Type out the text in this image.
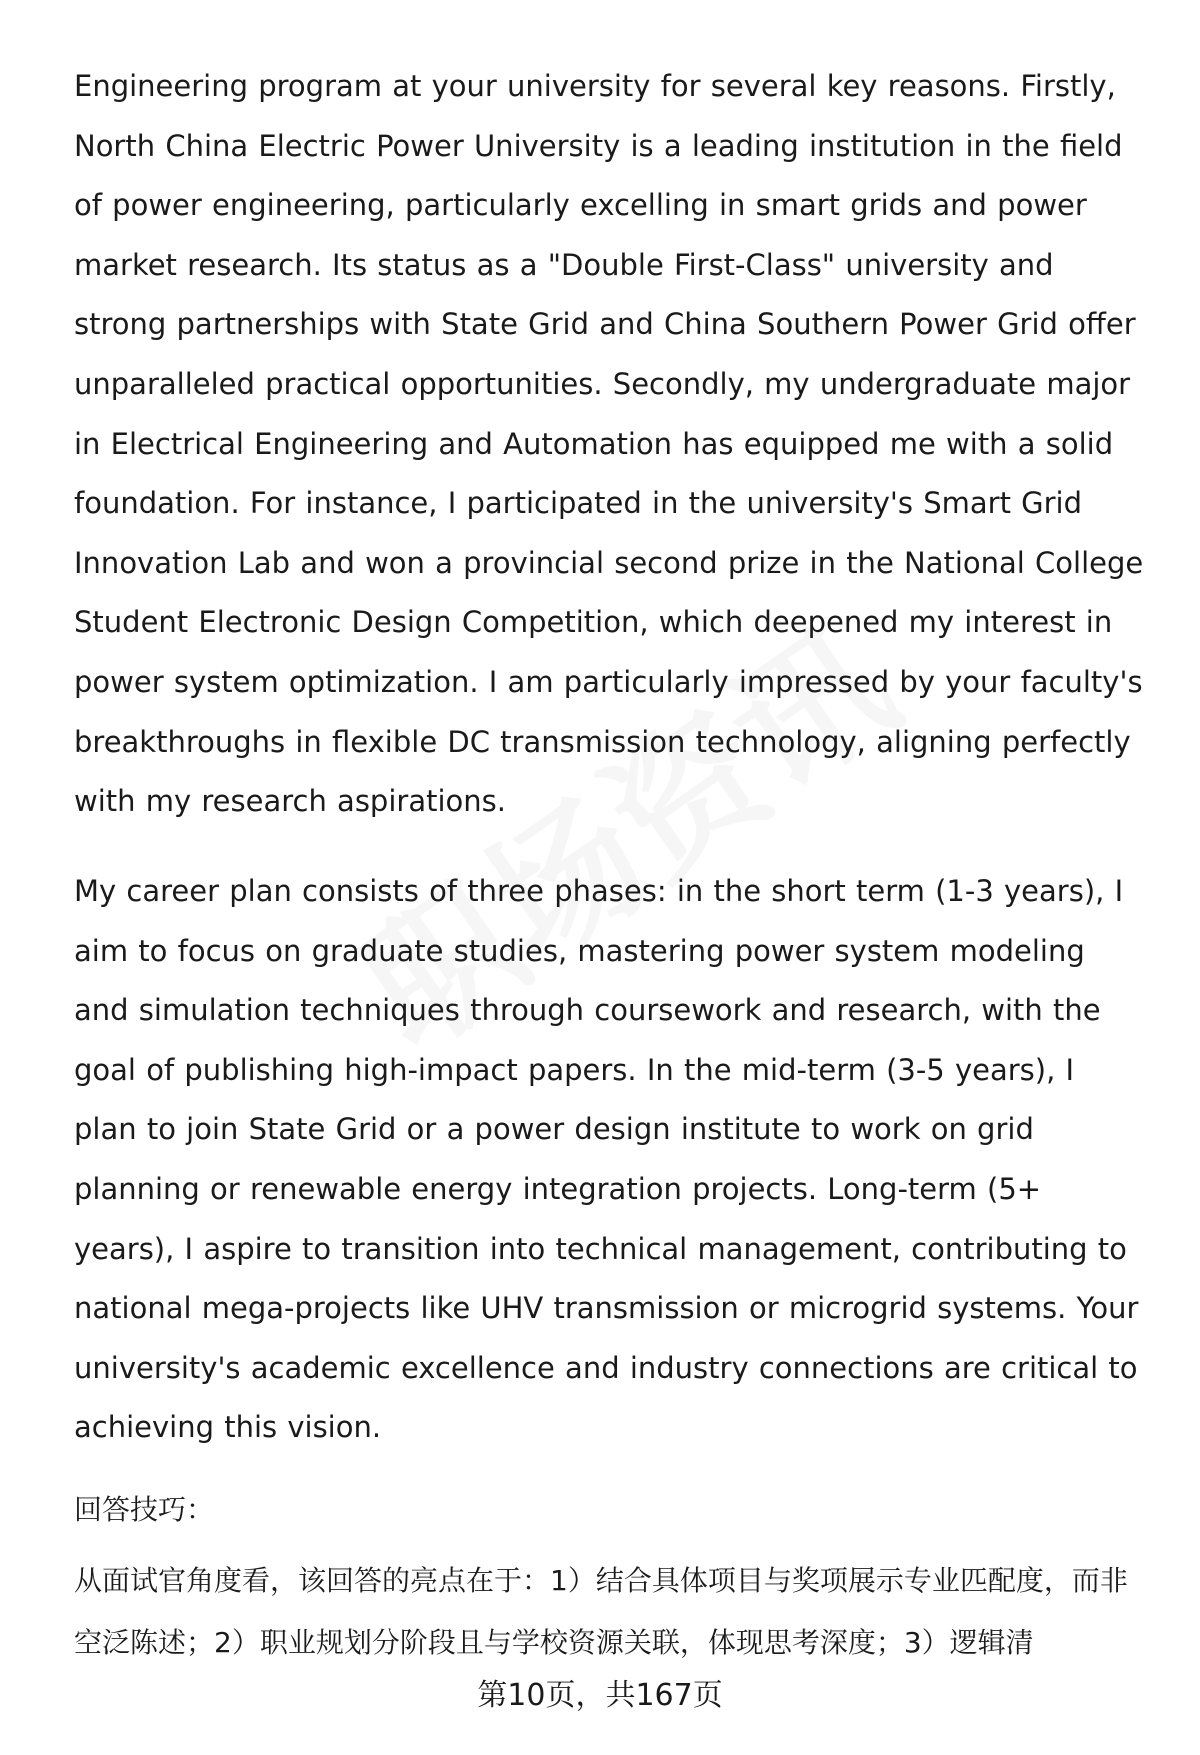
Engineering program at your university for several key reasons. Firstly, North China Electric Power University is a leading institution in the field of power engineering, particularly excelling in smart grids and power market research. Its status as a "Double First-Class" university and strong partnerships with State Grid and China Southern Power Grid offer unparalleled practical opportunities. Secondly, my undergraduate major in Electrical Engineering and Automation has equipped me with a solid foundation. For instance, I participated in the university's Smart Grid Innovation Lab and won a provincial second prize in the National College Student Electronic Design Competition, which deepened my interest in power system optimization. I am particularly impressed by your faculty's breakthroughs in flexible DC transmission technology, aligning perfectly with my research aspirations.

My career plan consists of three phases: in the short term (1-3 years), I aim to focus on graduate studies, mastering power system modeling and simulation techniques through coursework and research, with the goal of publishing high-impact papers. In the mid-term (3-5 years), I plan to join State Grid or a power design institute to work on grid planning or renewable energy integration projects. Long-term (5+ years), I aspire to transition into technical management, contributing to national mega-projects like UHV transmission or microgrid systems. Your university's academic excellence and industry connections are critical to achieving this vision.

回答技巧：

从面试官角度看，该回答的亮点在于：1）结合具体项目与奖项展示专业匹配度，而非空泛陈述；2）职业规划分阶段且与学校资源关联，体现思考深度；3）逻辑清

第10页，共167页
